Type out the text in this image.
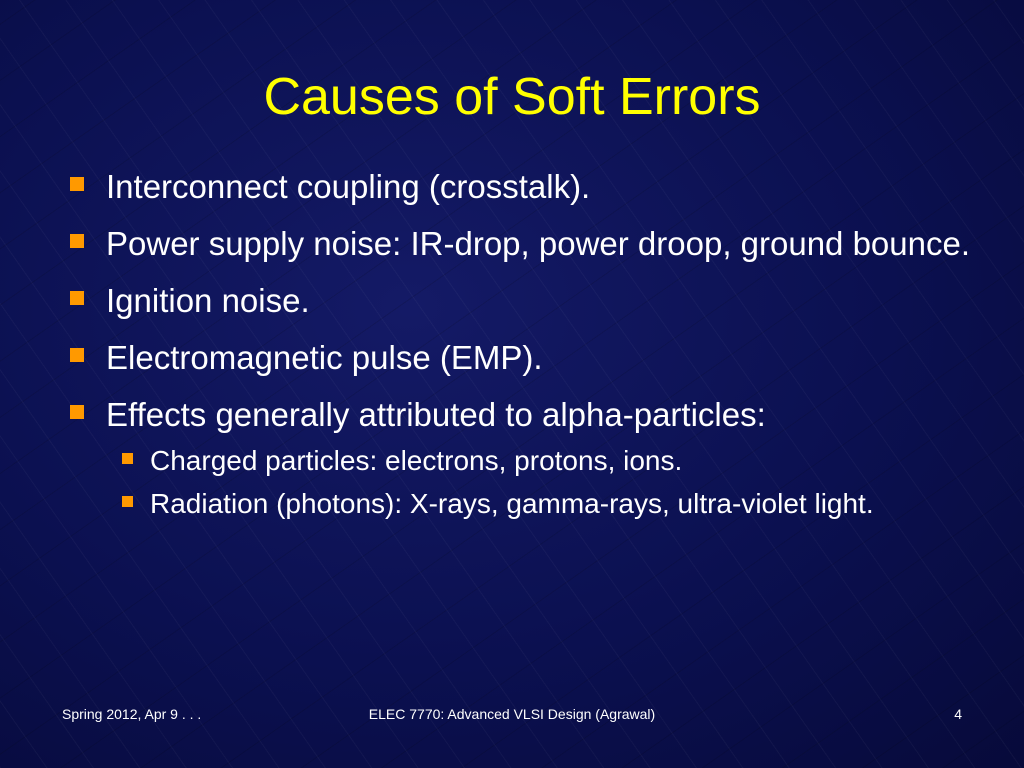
Causes of Soft Errors
Interconnect coupling (crosstalk).
Power supply noise: IR-drop, power droop, ground bounce.
Ignition noise.
Electromagnetic pulse (EMP).
Effects generally attributed to alpha-particles:
Charged particles: electrons, protons, ions.
Radiation (photons): X-rays, gamma-rays, ultra-violet light.
Spring 2012, Apr 9 . . .	ELEC 7770: Advanced VLSI Design (Agrawal)	4
